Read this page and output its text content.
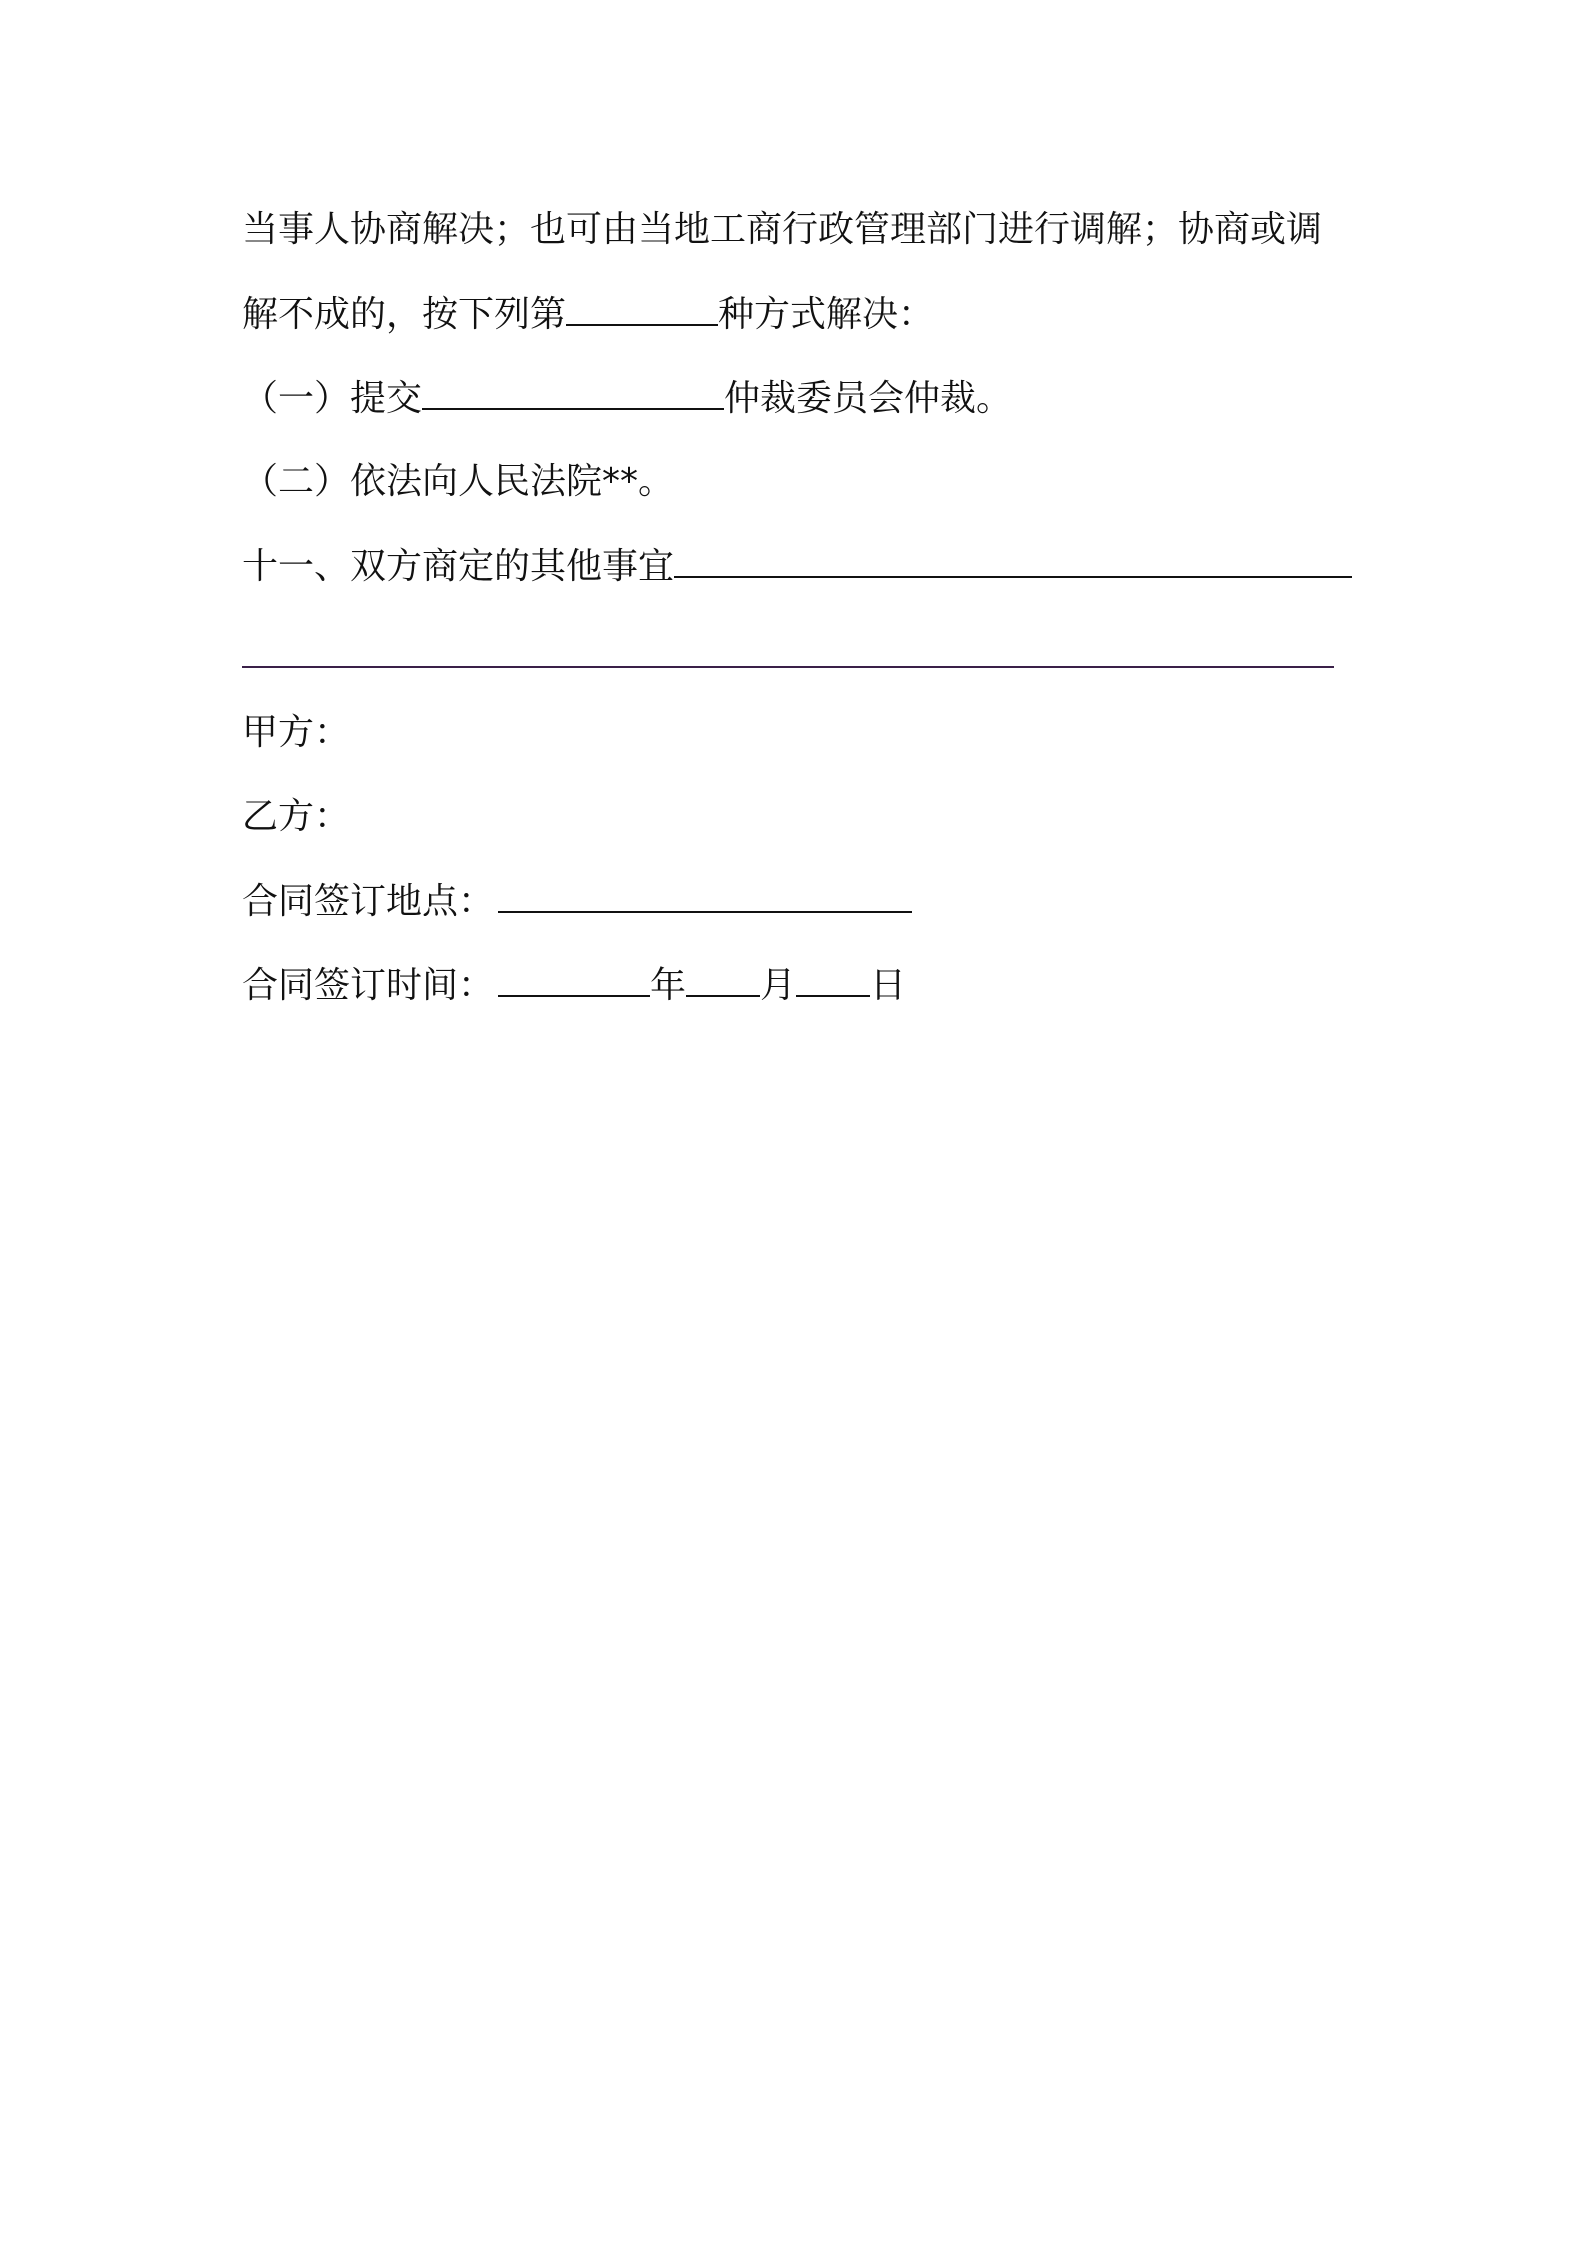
当事人协商解决；也可由当地工商行政管理部门进行调解；协商或调
解不成的，按下列第	种方式解决：
（一）提交	仲裁委员会仲裁。
（二）依法向人民法院**。
十一、双方商定的其他事宜
甲方：
乙方：
合同签订地点：
合同签订时间：	年 月 日
